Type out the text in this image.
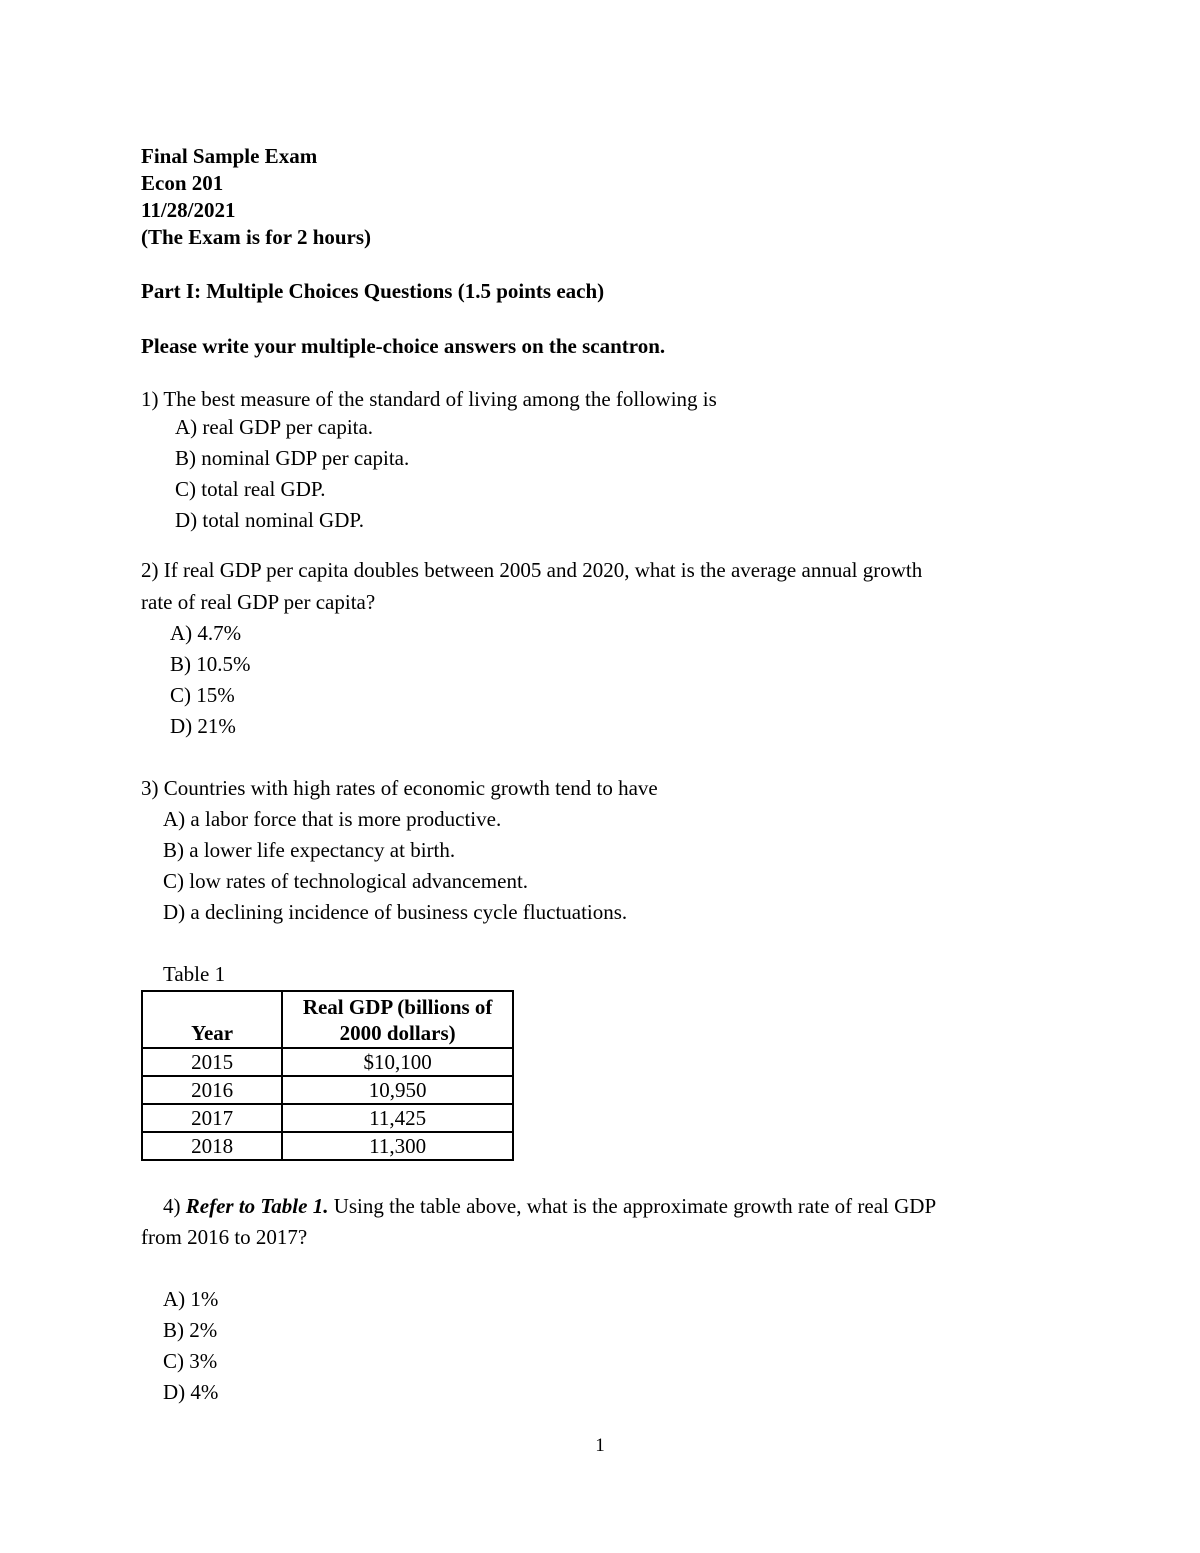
Final Sample Exam
Econ 201
11/28/2021
(The Exam is for 2 hours)
Part I: Multiple Choices Questions (1.5 points each)
Please write your multiple-choice answers on the scantron.
1) The best measure of the standard of living among the following is
A) real GDP per capita.
B) nominal GDP per capita.
C) total real GDP.
D) total nominal GDP.
2) If real GDP per capita doubles between 2005 and 2020, what is the average annual growth
rate of real GDP per capita?
A) 4.7%
B) 10.5%
C) 15%
D) 21%
3) Countries with high rates of economic growth tend to have
A) a labor force that is more productive.
B) a lower life expectancy at birth.
C) low rates of technological advancement.
D) a declining incidence of business cycle fluctuations.
Table 1
Year	Real GDP (billions of
2000 dollars)
2015	$10,100
2016	10,950
2017	11,425
2018	11,300
4) Refer to Table 1. Using the table above, what is the approximate growth rate of real GDP
from 2016 to 2017?
A) 1%
B) 2%
C) 3%
D) 4%
1
